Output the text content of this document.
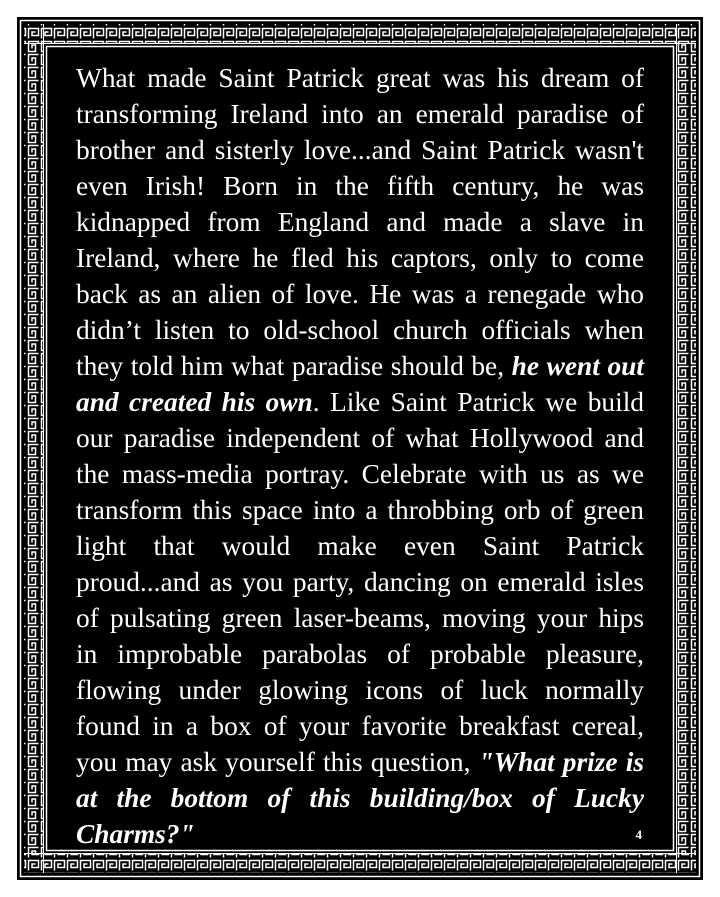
What made Saint Patrick great was his dream of transforming Ireland into an emerald paradise of brother and sisterly love...and Saint Patrick wasn't even Irish! Born in the fifth century, he was kidnapped from England and made a slave in Ireland, where he fled his captors, only to come back as an alien of love. He was a renegade who didn’t listen to old-school church officials when they told him what paradise should be, he went out and created his own. Like Saint Patrick we build our paradise independent of what Hollywood and the mass-media portray. Celebrate with us as we transform this space into a throbbing orb of green light that would make even Saint Patrick proud...and as you party, dancing on emerald isles of pulsating green laser-beams, moving your hips in improbable parabolas of probable pleasure, flowing under glowing icons of luck normally found in a box of your favorite breakfast cereal, you may ask yourself this question, "What prize is at the bottom of this building/box of Lucky Charms?"	4
